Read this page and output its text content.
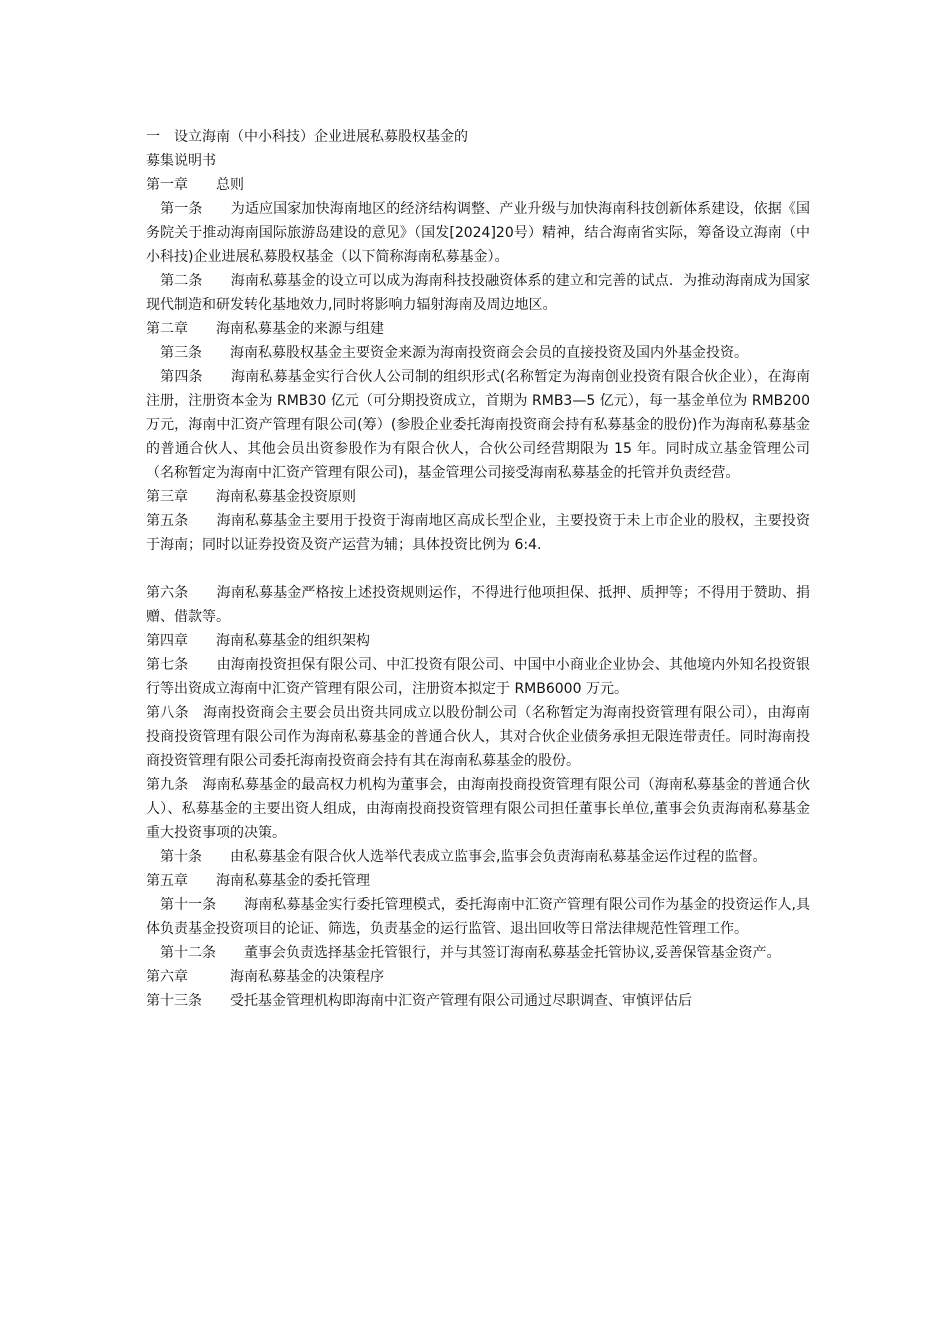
一　设立海南（中小科技）企业进展私募股权基金的

募集说明书

第一章　　总则

　第一条　　为适应国家加快海南地区的经济结构调整、产业升级与加快海南科技创新体系建设，依据《国务院关于推动海南国际旅游岛建设的意见》（国发[2024]20号）精神，结合海南省实际，筹备设立海南（中小科技)企业进展私募股权基金（以下简称海南私募基金）。

　第二条　　海南私募基金的设立可以成为海南科技投融资体系的建立和完善的试点．为推动海南成为国家现代制造和研发转化基地效力,同时将影响力辐射海南及周边地区。

第二章　　海南私募基金的来源与组建

　第三条　　海南私募股权基金主要资金来源为海南投资商会会员的直接投资及国内外基金投资。

　第四条　　海南私募基金实行合伙人公司制的组织形式(名称暂定为海南创业投资有限合伙企业），在海南注册，注册资本金为 RMB30 亿元（可分期投资成立，首期为 RMB3—5 亿元），每一基金单位为 RMB200 万元，海南中汇资产管理有限公司(筹）(参股企业委托海南投资商会持有私募基金的股份)作为海南私募基金的普通合伙人、其他会员出资参股作为有限合伙人，合伙公司经营期限为 15 年。同时成立基金管理公司（名称暂定为海南中汇资产管理有限公司)，基金管理公司接受海南私募基金的托管并负责经营。

第三章　　海南私募基金投资原则

第五条　　海南私募基金主要用于投资于海南地区高成长型企业，主要投资于未上市企业的股权，主要投资于海南；同时以证券投资及资产运营为辅；具体投资比例为 6:4.

第六条　　海南私募基金严格按上述投资规则运作，不得进行他项担保、抵押、质押等；不得用于赞助、捐赠、借款等。

第四章　　海南私募基金的组织架构

第七条　　由海南投资担保有限公司、中汇投资有限公司、中国中小商业企业协会、其他境内外知名投资银行等出资成立海南中汇资产管理有限公司，注册资本拟定于 RMB6000 万元。

第八条　海南投资商会主要会员出资共同成立以股份制公司（名称暂定为海南投资管理有限公司），由海南投商投资管理有限公司作为海南私募基金的普通合伙人，其对合伙企业债务承担无限连带责任。同时海南投商投资管理有限公司委托海南投资商会持有其在海南私募基金的股份。

第九条　海南私募基金的最高权力机构为董事会，由海南投商投资管理有限公司（海南私募基金的普通合伙人）、私募基金的主要出资人组成，由海南投商投资管理有限公司担任董事长单位,董事会负责海南私募基金重大投资事项的决策。

　第十条　　由私募基金有限合伙人选举代表成立监事会,监事会负责海南私募基金运作过程的监督。

第五章　　海南私募基金的委托管理

　第十一条　　海南私募基金实行委托管理模式，委托海南中汇资产管理有限公司作为基金的投资运作人,具体负责基金投资项目的论证、筛选，负责基金的运行监管、退出回收等日常法律规范性管理工作。

　第十二条　　董事会负责选择基金托管银行，并与其签订海南私募基金托管协议,妥善保管基金资产。

第六章　　　海南私募基金的决策程序

第十三条　　受托基金管理机构即海南中汇资产管理有限公司通过尽职调查、审慎评估后
